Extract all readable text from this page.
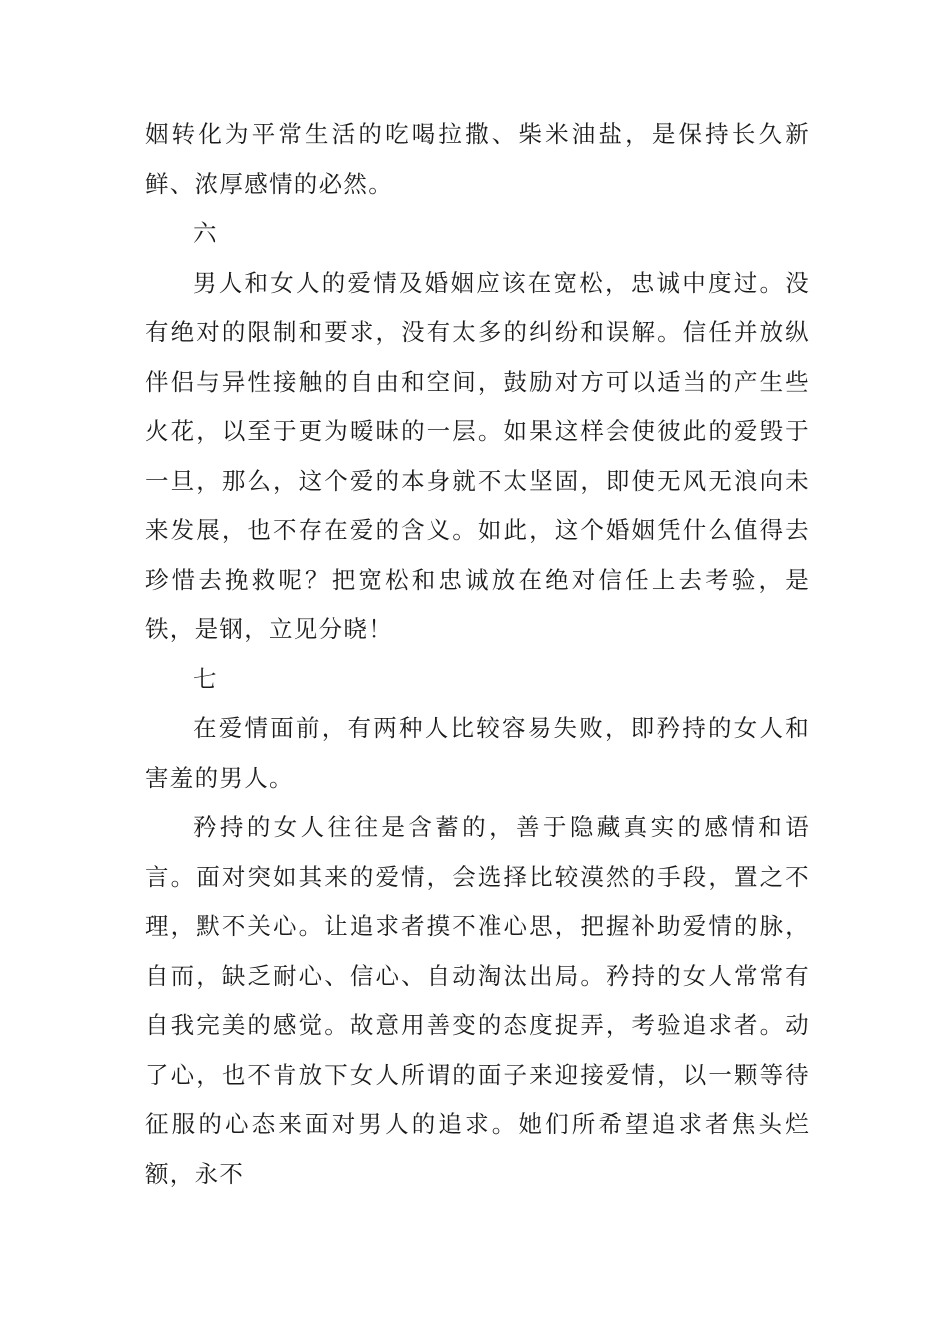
姻转化为平常生活的吃喝拉撒、柴米油盐，是保持长久新鲜、浓厚感情的必然。

六

男人和女人的爱情及婚姻应该在宽松，忠诚中度过。没有绝对的限制和要求，没有太多的纠纷和误解。信任并放纵伴侣与异性接触的自由和空间，鼓励对方可以适当的产生些火花，以至于更为暧昧的一层。如果这样会使彼此的爱毁于一旦，那么，这个爱的本身就不太坚固，即使无风无浪向未来发展，也不存在爱的含义。如此，这个婚姻凭什么值得去珍惜去挽救呢？把宽松和忠诚放在绝对信任上去考验，是铁，是钢，立见分晓！

七

在爱情面前，有两种人比较容易失败，即矜持的女人和害羞的男人。

矜持的女人往往是含蓄的，善于隐藏真实的感情和语言。面对突如其来的爱情，会选择比较漠然的手段，置之不理，默不关心。让追求者摸不准心思，把握补助爱情的脉，自而，缺乏耐心、信心、自动淘汰出局。矜持的女人常常有自我完美的感觉。故意用善变的态度捉弄，考验追求者。动了心，也不肯放下女人所谓的面子来迎接爱情，以一颗等待征服的心态来面对男人的追求。她们所希望追求者焦头烂额，永不
